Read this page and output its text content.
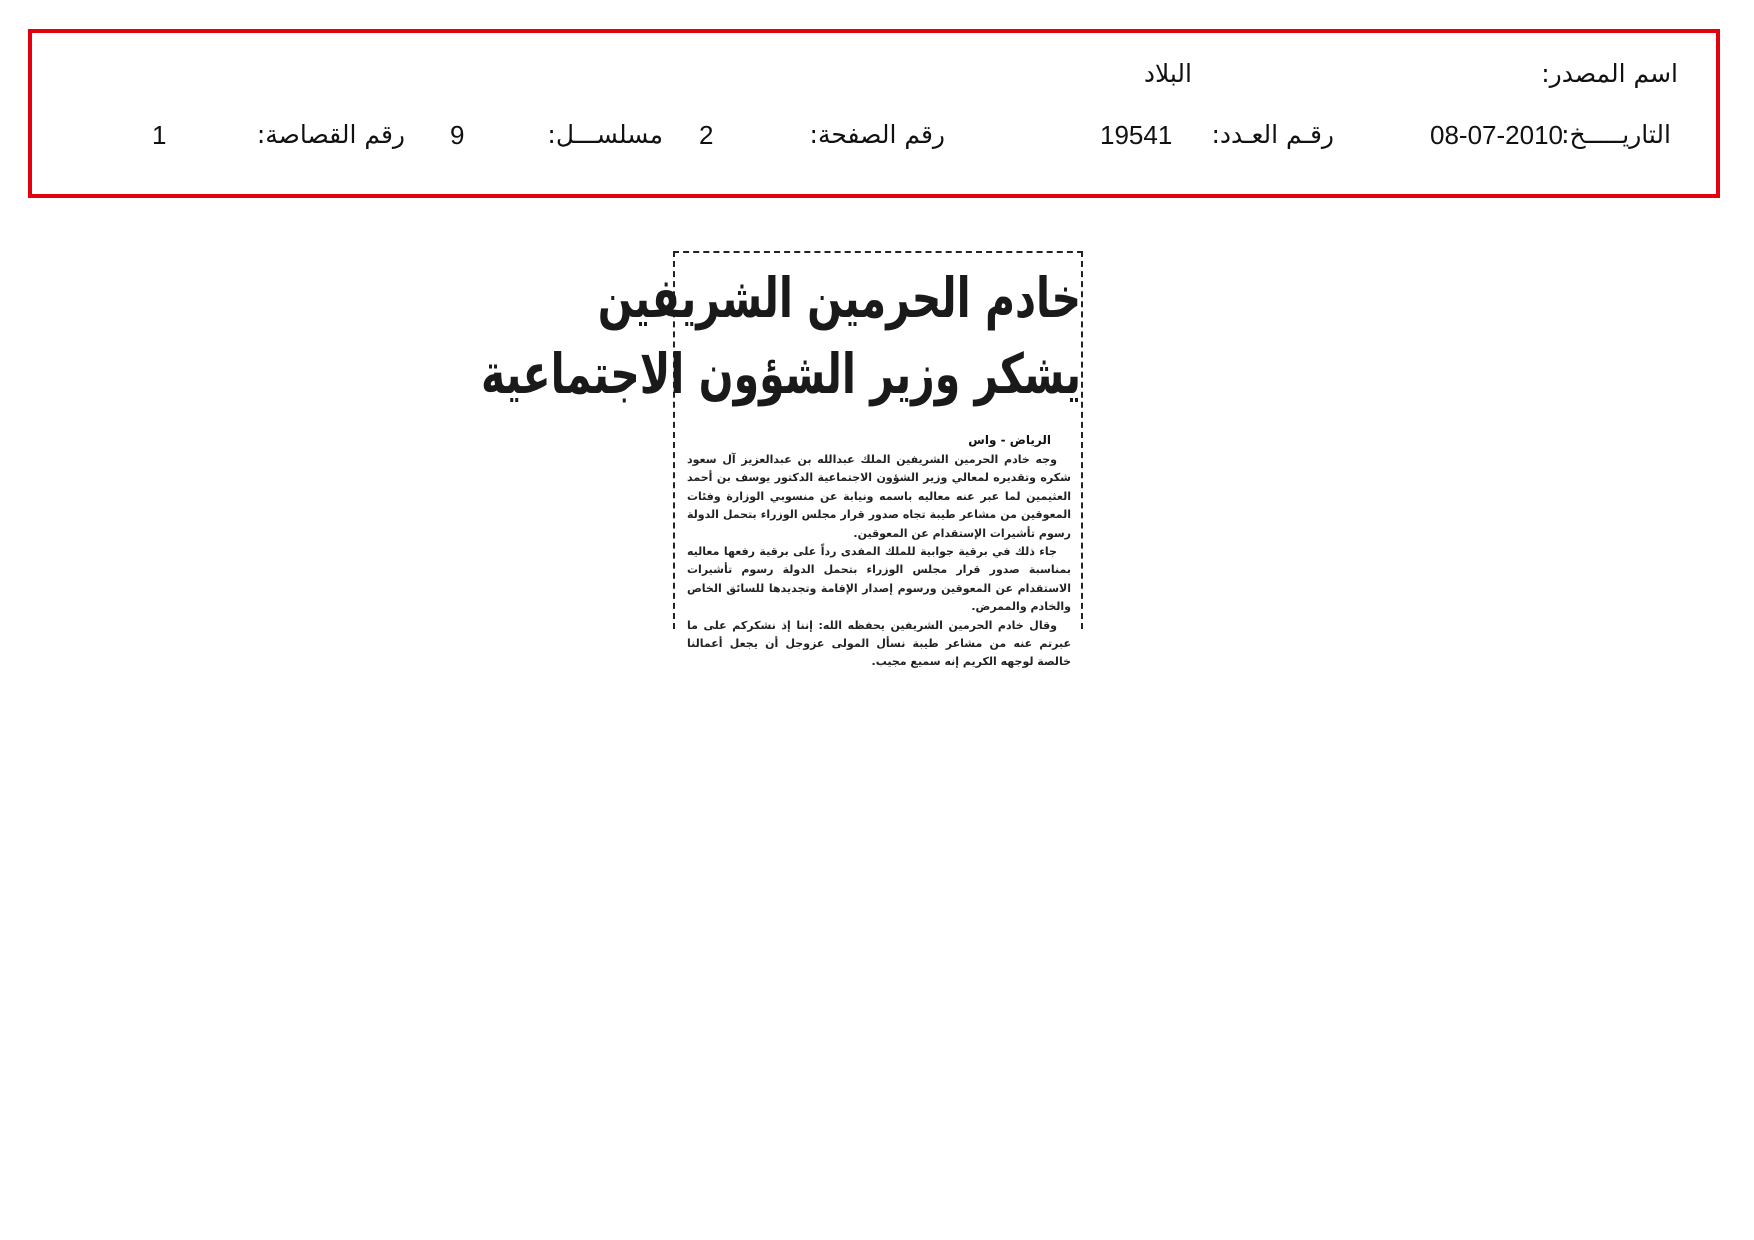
اسم المصدر:
البلاد
التاريـــــخ:
08-07-2010
رقـم العـدد:
19541
رقم الصفحة:
2
مسلســـل:
9
رقم القصاصة:
1
خادم الحرمين الشريفين
يشكر وزير الشؤون الاجتماعية
الرياض - واس

وجه خادم الحرمين الشريفين الملك عبدالله بن عبدالعزيز آل سعود شكره وتقديره لمعالي وزير الشؤون الاجتماعية الدكتور يوسف بن أحمد العثيمين لما عبر عنه معاليه باسمه ونيابة عن منسوبي الوزارة وفئات المعوقين من مشاعر طيبة تجاه صدور قرار مجلس الوزراء بتحمل الدولة رسوم تأشيرات الإستقدام عن المعوقين.

جاء ذلك في برقية جوابية للملك المفدى رداً على برقية رفعها معاليه بمناسبة صدور قرار مجلس الوزراء بتحمل الدولة رسوم تأشيرات الاستقدام عن المعوقين ورسوم إصدار الإقامة وتجديدها للسائق الخاص والخادم والممرض.

وقال خادم الحرمين الشريفين يحفظه الله: إننا إذ نشكركم على ما عبرتم عنه من مشاعر طيبة نسأل المولى عزوجل أن يجعل أعمالنا خالصة لوجهه الكريم إنه سميع مجيب.
